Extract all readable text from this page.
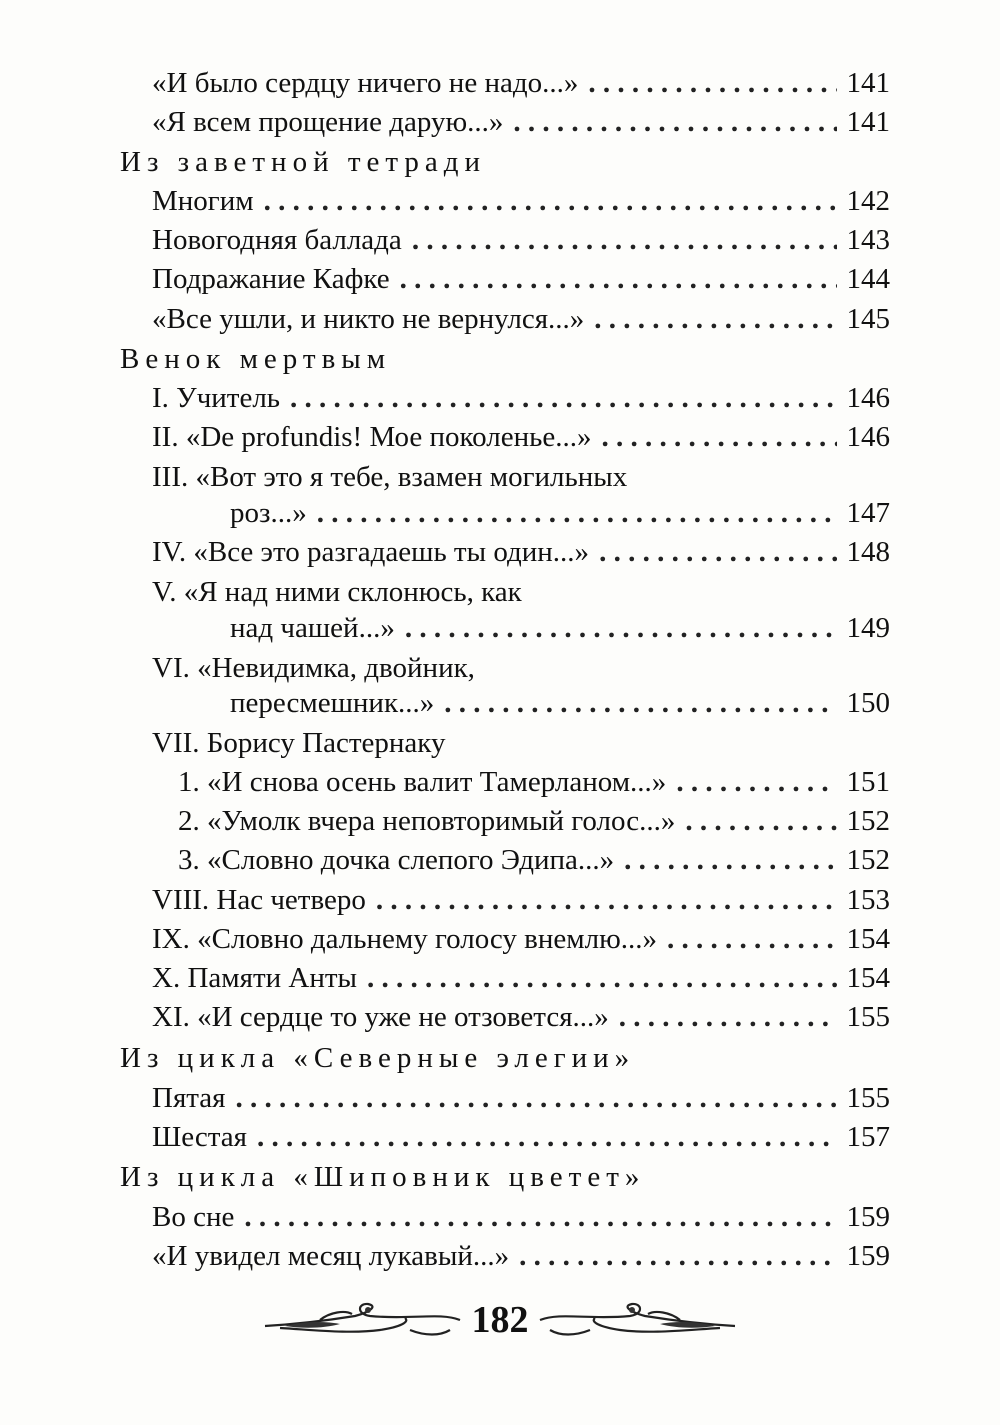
«И было сердцу ничего не надо...» . . .	141
«Я всем прощение дарую...» . . .	141
Из заветной тетради
Многим . . .	142
Новогодняя баллада . . .	143
Подражание Кафке . . .	144
«Все ушли, и никто не вернулся...» . . .	145
Венок мертвым
I. Учитель . . .	146
II. «De profundis! Мое поколенье...» . . .	146
III. «Вот это я тебе, взамен могильных
роз...» . . .	147
IV. «Все это разгадаешь ты один...» . . .	148
V. «Я над ними склонюсь, как
над чашей...» . . .	149
VI. «Невидимка, двойник,
пересмешник...» . . .	150
VII. Борису Пастернаку
1. «И снова осень валит Тамерланом...» . . .	151
2. «Умолк вчера неповторимый голос...» . . .	152
3. «Словно дочка слепого Эдипа...» . . .	152
VIII. Нас четверо . . .	153
IX. «Словно дальнему голосу внемлю...» . . .	154
X. Памяти Анты . . .	154
XI. «И сердце то уже не отзовется...» . . .	155
Из цикла «Северные элегии»
Пятая . . .	155
Шестая . . .	157
Из цикла «Шиповник цветет»
Во сне . . .	159
«И увидел месяц лукавый...» . . .	159
182
